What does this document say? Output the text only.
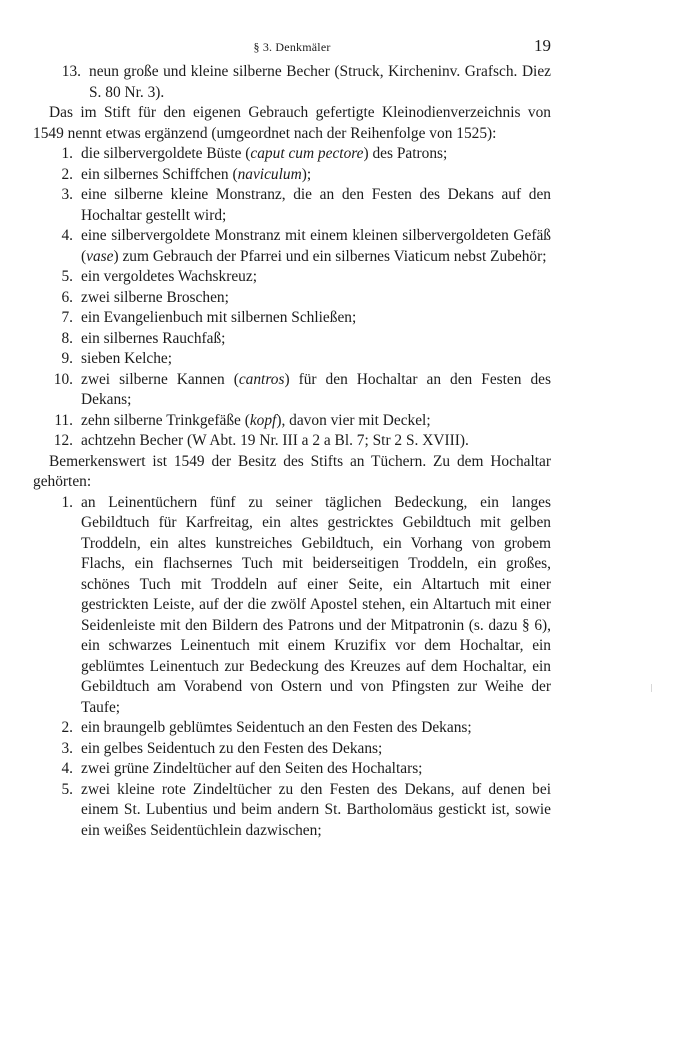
§ 3. Denkmäler	19
13. neun große und kleine silberne Becher (Struck, Kircheninv. Grafsch. Diez S. 80 Nr. 3).

Das im Stift für den eigenen Gebrauch gefertigte Kleinodienverzeichnis von 1549 nennt etwas ergänzend (umgeordnet nach der Reihenfolge von 1525):

1. die silbervergoldete Büste (caput cum pectore) des Patrons;
2. ein silbernes Schiffchen (naviculum);
3. eine silberne kleine Monstranz, die an den Festen des Dekans auf den Hochaltar gestellt wird;
4. eine silbervergoldete Monstranz mit einem kleinen silbervergoldeten Gefäß (vase) zum Gebrauch der Pfarrei und ein silbernes Viaticum nebst Zubehör;
5. ein vergoldetes Wachskreuz;
6. zwei silberne Broschen;
7. ein Evangelienbuch mit silbernen Schließen;
8. ein silbernes Rauchfaß;
9. sieben Kelche;
10. zwei silberne Kannen (cantros) für den Hochaltar an den Festen des Dekans;
11. zehn silberne Trinkgefäße (kopf), davon vier mit Deckel;
12. achtzehn Becher (W Abt. 19 Nr. III a 2 a Bl. 7; Str 2 S. XVIII).

Bemerkenswert ist 1549 der Besitz des Stifts an Tüchern. Zu dem Hochaltar gehörten:

1. an Leinentüchern fünf zu seiner täglichen Bedeckung, ein langes Gebildtuch für Karfreitag, ein altes gestricktes Gebildtuch mit gelben Troddeln, ein altes kunstreiches Gebildtuch, ein Vorhang von grobem Flachs, ein flachsernes Tuch mit beiderseitigen Troddeln, ein großes, schönes Tuch mit Troddeln auf einer Seite, ein Altartuch mit einer gestrickten Leiste, auf der die zwölf Apostel stehen, ein Altartuch mit einer Seidenleiste mit den Bildern des Patrons und der Mitpatronin (s. dazu § 6), ein schwarzes Leinentuch mit einem Kruzifix vor dem Hochaltar, ein geblümtes Leinentuch zur Bedeckung des Kreuzes auf dem Hochaltar, ein Gebildtuch am Vorabend von Ostern und von Pfingsten zur Weihe der Taufe;
2. ein braungelb geblümtes Seidentuch an den Festen des Dekans;
3. ein gelbes Seidentuch zu den Festen des Dekans;
4. zwei grüne Zindeltücher auf den Seiten des Hochaltars;
5. zwei kleine rote Zindeltücher zu den Festen des Dekans, auf denen bei einem St. Lubentius und beim andern St. Bartholomäus gestickt ist, sowie ein weißes Seidentüchlein dazwischen;
